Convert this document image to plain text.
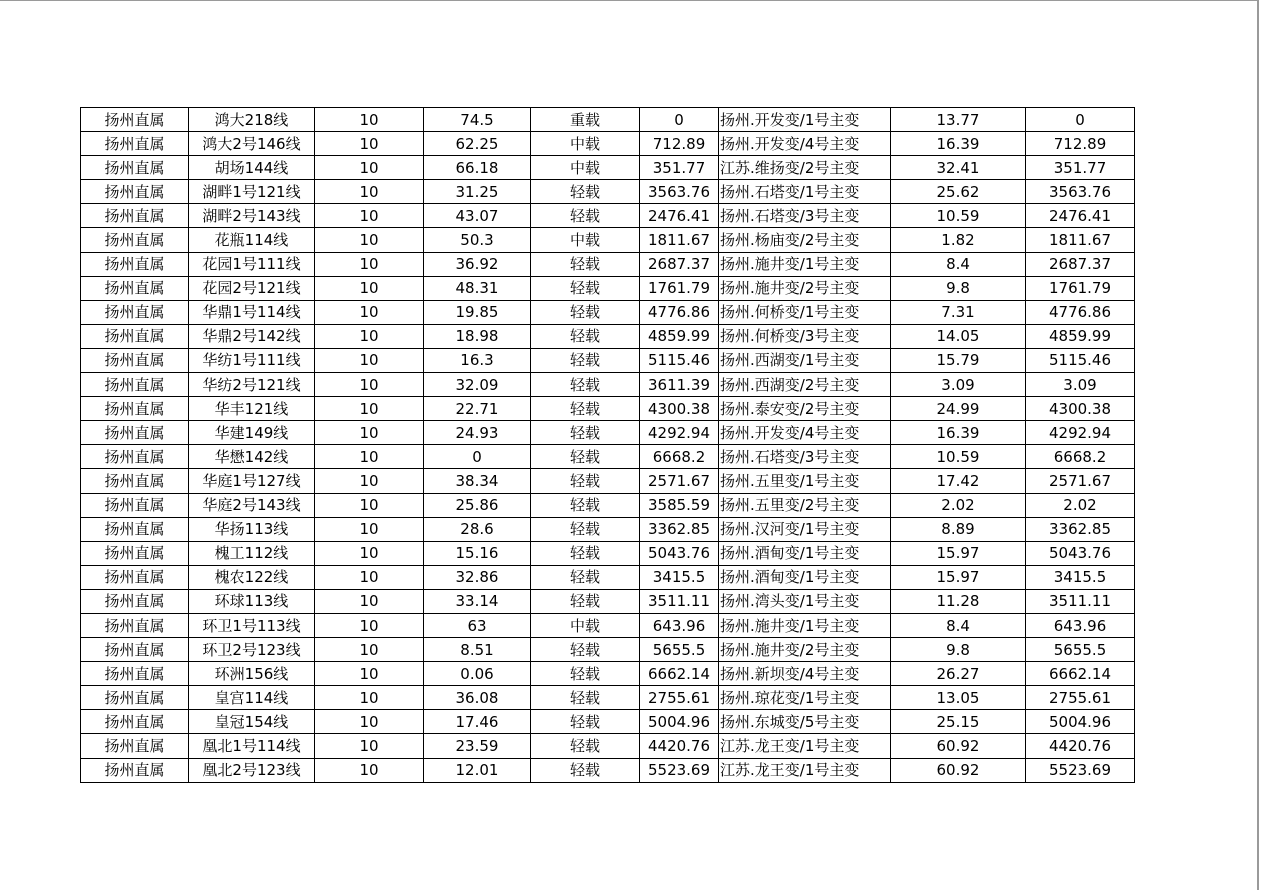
扬州直属	鸿大218线	10	74.5	重载	0	扬州.开发变/1号主变	13.77	0
扬州直属	鸿大2号146线	10	62.25	中载	712.89	扬州.开发变/4号主变	16.39	712.89
扬州直属	胡场144线	10	66.18	中载	351.77	江苏.维扬变/2号主变	32.41	351.77
扬州直属	湖畔1号121线	10	31.25	轻载	3563.76	扬州.石塔变/1号主变	25.62	3563.76
扬州直属	湖畔2号143线	10	43.07	轻载	2476.41	扬州.石塔变/3号主变	10.59	2476.41
扬州直属	花瓶114线	10	50.3	中载	1811.67	扬州.杨庙变/2号主变	1.82	1811.67
扬州直属	花园1号111线	10	36.92	轻载	2687.37	扬州.施井变/1号主变	8.4	2687.37
扬州直属	花园2号121线	10	48.31	轻载	1761.79	扬州.施井变/2号主变	9.8	1761.79
扬州直属	华鼎1号114线	10	19.85	轻载	4776.86	扬州.何桥变/1号主变	7.31	4776.86
扬州直属	华鼎2号142线	10	18.98	轻载	4859.99	扬州.何桥变/3号主变	14.05	4859.99
扬州直属	华纺1号111线	10	16.3	轻载	5115.46	扬州.西湖变/1号主变	15.79	5115.46
扬州直属	华纺2号121线	10	32.09	轻载	3611.39	扬州.西湖变/2号主变	3.09	3.09
扬州直属	华丰121线	10	22.71	轻载	4300.38	扬州.泰安变/2号主变	24.99	4300.38
扬州直属	华建149线	10	24.93	轻载	4292.94	扬州.开发变/4号主变	16.39	4292.94
扬州直属	华懋142线	10	0	轻载	6668.2	扬州.石塔变/3号主变	10.59	6668.2
扬州直属	华庭1号127线	10	38.34	轻载	2571.67	扬州.五里变/1号主变	17.42	2571.67
扬州直属	华庭2号143线	10	25.86	轻载	3585.59	扬州.五里变/2号主变	2.02	2.02
扬州直属	华扬113线	10	28.6	轻载	3362.85	扬州.汉河变/1号主变	8.89	3362.85
扬州直属	槐工112线	10	15.16	轻载	5043.76	扬州.酒甸变/1号主变	15.97	5043.76
扬州直属	槐农122线	10	32.86	轻载	3415.5	扬州.酒甸变/1号主变	15.97	3415.5
扬州直属	环球113线	10	33.14	轻载	3511.11	扬州.湾头变/1号主变	11.28	3511.11
扬州直属	环卫1号113线	10	63	中载	643.96	扬州.施井变/1号主变	8.4	643.96
扬州直属	环卫2号123线	10	8.51	轻载	5655.5	扬州.施井变/2号主变	9.8	5655.5
扬州直属	环洲156线	10	0.06	轻载	6662.14	扬州.新坝变/4号主变	26.27	6662.14
扬州直属	皇宫114线	10	36.08	轻载	2755.61	扬州.琼花变/1号主变	13.05	2755.61
扬州直属	皇冠154线	10	17.46	轻载	5004.96	扬州.东城变/5号主变	25.15	5004.96
扬州直属	凰北1号114线	10	23.59	轻载	4420.76	江苏.龙王变/1号主变	60.92	4420.76
扬州直属	凰北2号123线	10	12.01	轻载	5523.69	江苏.龙王变/1号主变	60.92	5523.69
